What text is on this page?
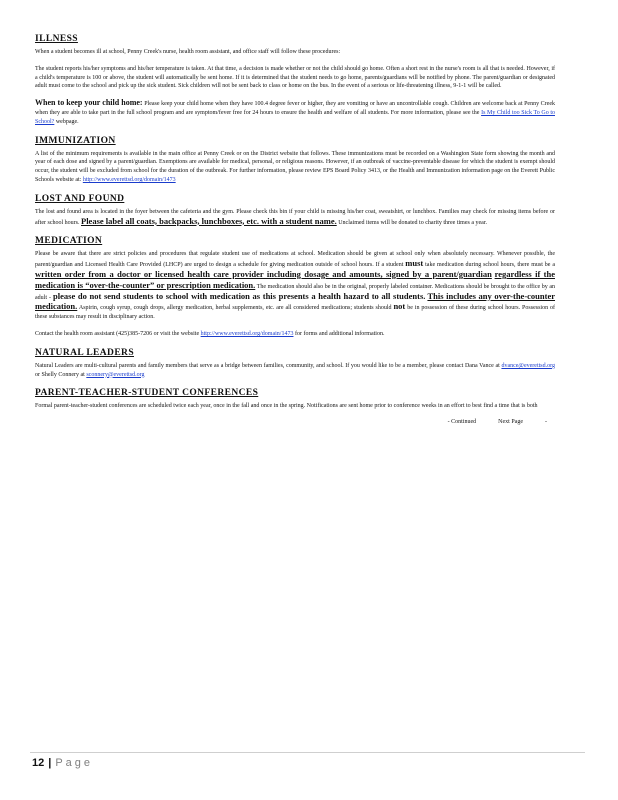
ILLNESS

When a student becomes ill at school, Penny Creek's nurse, health room assistant, and office staff will follow these procedures:

The student reports his/her symptoms and his/her temperature is taken. At that time, a decision is made whether or not the child should go home. Often a short rest in the nurse's room is all that is needed. However, if a child's temperature is 100 or above, the student will automatically be sent home. If it is determined that the student needs to go home, parents/guardians will be notified by phone. The parent/guardian or designated adult must come to the school and pick up the sick student. Sick children will not be sent back to class or home on the bus. In the event of a serious or life-threatening illness, 9-1-1 will be called.

When to keep your child home: Please keep your child home when they have 100.4 degree fever or higher, they are vomiting or have an uncontrollable cough. Children are welcome back at Penny Creek when they are able to take part in the full school program and are symptom/fever free for 24 hours to ensure the health and welfare of all students. For more information, please see the Is My Child too Sick To Go to School? webpage.

IMMUNIZATION

A list of the minimum requirements is available in the main office at Penny Creek or on the District website that follows. These immunizations must be recorded on a Washington State form showing the month and year of each dose and signed by a parent/guardian. Exemptions are available for medical, personal, or religious reasons. However, if an outbreak of vaccine-preventable disease for which the student is exempt should occur, the student will be excluded from school for the duration of the outbreak. For further information, please review EPS Board Policy 3413, or the Health and Immunization information page on the Everett Public Schools website at: http://www.everettsd.org/domain/1473

LOST AND FOUND

The lost and found area is located in the foyer between the cafeteria and the gym. Please check this bin if your child is missing his/her coat, sweatshirt, or lunchbox. Families may check for missing items before or after school hours. Please label all coats, backpacks, lunchboxes, etc. with a student name. Unclaimed items will be donated to charity three times a year.

MEDICATION

Please be aware that there are strict policies and procedures that regulate student use of medications at school. Medication should be given at school only when absolutely necessary. Whenever possible, the parent/guardian and Licensed Health Care Provided (LHCP) are urged to design a schedule for giving medication outside of school hours. If a student must take medication during school hours, there must be a written order from a doctor or licensed health care provider including dosage and amounts, signed by a parent/guardian regardless if the medication is “over-the-counter” or prescription medication. The medication should also be in the original, properly labeled container. Medications should be brought to the office by an adult - please do not send students to school with medication as this presents a health hazard to all students. This includes any over-the-counter medication. Aspirin, cough syrup, cough drops, allergy medication, herbal supplements, etc. are all considered medications; students should not be in possession of these during school hours. Possession of these substances may result in disciplinary action.

Contact the health room assistant (425)385-7206 or visit the website http://www.everettsd.org/domain/1473 for forms and additional information.

NATURAL LEADERS

Natural Leaders are multi-cultural parents and family members that serve as a bridge between families, community, and school. If you would like to be a member, please contact Dana Vance at dvance@everettsd.org or Shelly Connery at sconnery@everettsd.org

PARENT-TEACHER-STUDENT CONFERENCES

Formal parent-teacher-student conferences are scheduled twice each year, once in the fall and once in the spring. Notifications are sent home prior to conference weeks in an effort to best find a time that is both

- Continued	Next Page	-
12 | Page
